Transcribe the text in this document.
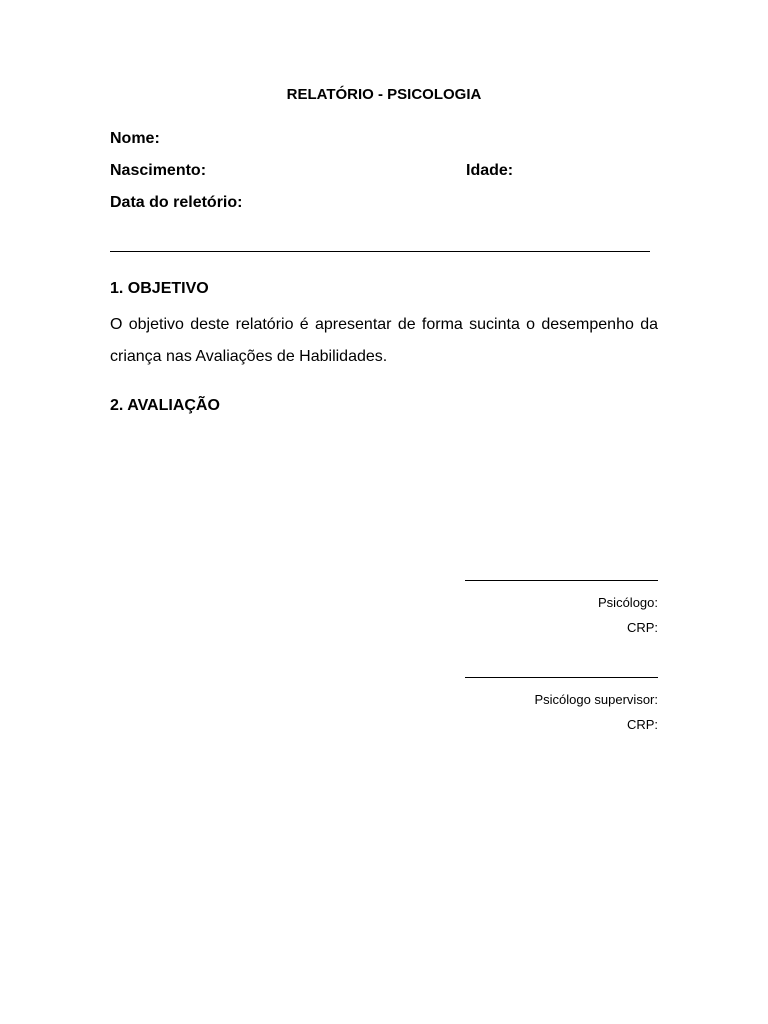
RELATÓRIO - PSICOLOGIA
Nome:
Nascimento:	Idade:
Data do reletório:
1. OBJETIVO
O objetivo deste relatório é apresentar de forma sucinta o desempenho da criança nas Avaliações de Habilidades.
2. AVALIAÇÃO
Psicólogo:
CRP:
Psicólogo supervisor:
CRP:
